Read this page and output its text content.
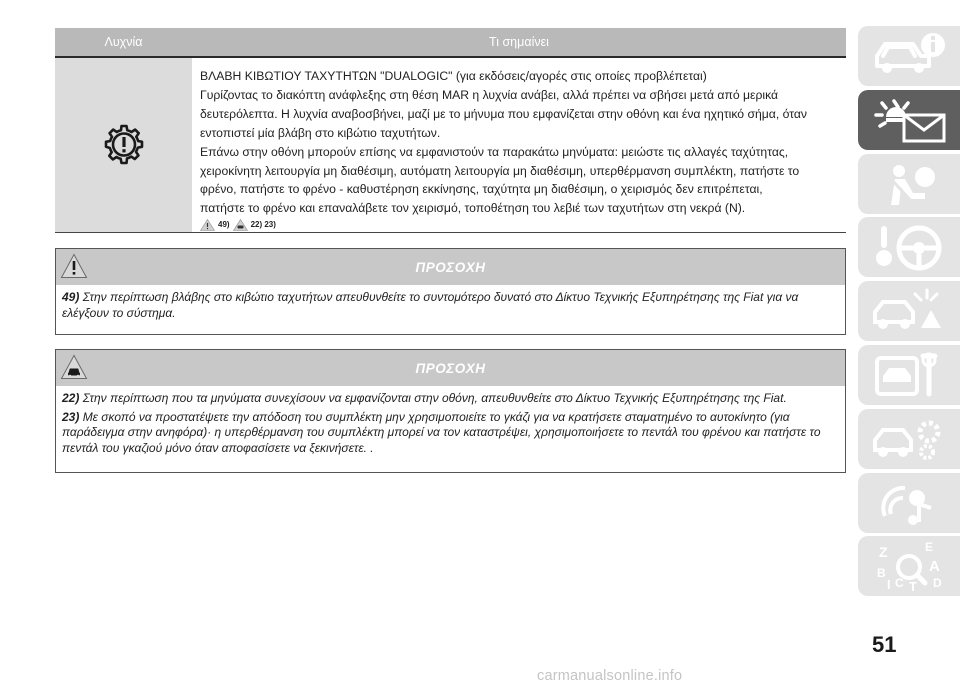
Λυχνία	Τι σημαίνει

ΒΛΑΒΗ ΚΙΒΩΤΙΟΥ ΤΑΧΥΤΗΤΩΝ "DUALOGIC" (για εκδόσεις/αγορές στις οποίες προβλέπεται)

Γυρίζοντας το διακόπτη ανάφλεξης στη θέση MAR η λυχνία ανάβει, αλλά πρέπει να σβήσει μετά από μερικά

δευτερόλεπτα. Η λυχνία αναβοσβήνει, μαζί με το μήνυμα που εμφανίζεται στην οθόνη και ένα ηχητικό σήμα, όταν

εντοπιστεί μία βλάβη στο κιβώτιο ταχυτήτων.

Επάνω στην οθόνη μπορούν επίσης να εμφανιστούν τα παρακάτω μηνύματα: μειώστε τις αλλαγές ταχύτητας,

χειροκίνητη λειτουργία μη διαθέσιμη, αυτόματη λειτουργία μη διαθέσιμη, υπερθέρμανση συμπλέκτη, πατήστε το

φρένο, πατήστε το φρένο - καθυστέρηση εκκίνησης, ταχύτητα μη διαθέσιμη, ο χειρισμός δεν επιτρέπεται,

πατήστε το φρένο και επαναλάβετε τον χειρισμό, τοποθέτηση του λεβιέ των ταχυτήτων στη νεκρά (N).

49)	22) 23)
ΠΡΟΣΟΧΗ

49) Στην περίπτωση βλάβης στο κιβώτιο ταχυτήτων απευθυνθείτε το συντομότερο δυνατό στο Δίκτυο Τεχνικής Εξυπηρέτησης της Fiat για να ελέγξουν το σύστημα.

ΠΡΟΣΟΧΗ

22) Στην περίπτωση που τα μηνύματα συνεχίσουν να εμφανίζονται στην οθόνη, απευθυνθείτε στο Δίκτυο Τεχνικής Εξυπηρέτησης της Fiat.

23) Με σκοπό να προστατέψετε την απόδοση του συμπλέκτη μην χρησιμοποιείτε το γκάζι για να κρατήσετε σταματημένο το αυτοκίνητο (για παράδειγμα στην ανηφόρα)· η υπερθέρμανση του συμπλέκτη μπορεί να τον καταστρέψει, χρησιμοποιήσετε το πεντάλ του φρένου και πατήστε το πεντάλ του γκαζιού μόνο όταν αποφασίσετε να ξεκινήσετε. .

Z	E
B	A
I C T D
51
carmanualsonline.info
